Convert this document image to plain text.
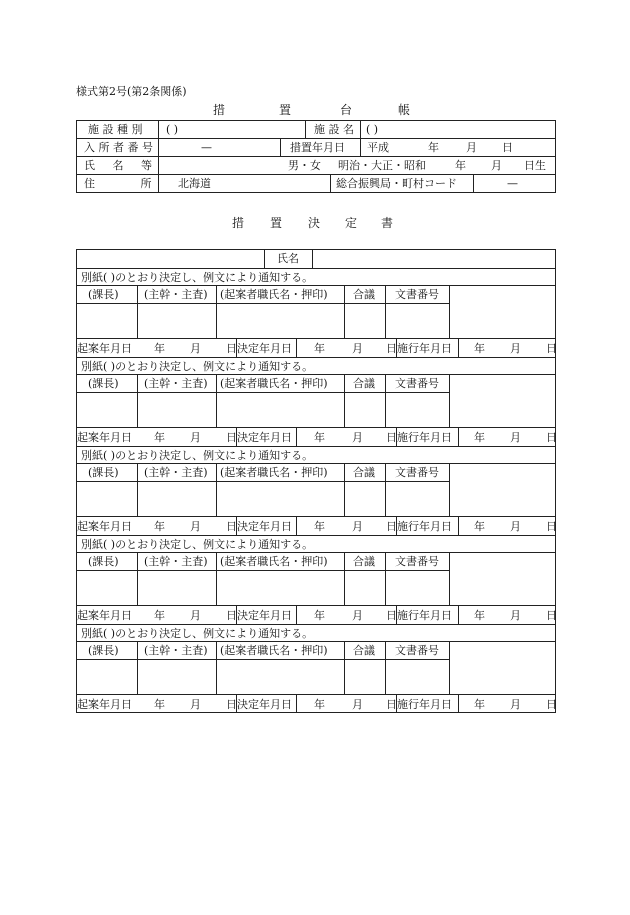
様式第2号(第2条関係)
措	置	台	帳
施 設 種 別 ( )	施 設 名 ( )
入 所 者 番 号	—	措置年月日 平成	年 月 日
氏 名 等	男・女 明治・大正・昭和	年 月 日生
住 所 北海道	総合振興局・町村コード	—
措 置 決 定 書
氏名
別紙( )のとおり決定し、例文により通知する。
(課長) (主幹・主査) (起案者職氏名・押印) 合議 文書番号
起案年月日 年 月 日 決定年月日 年 月 日 施行年月日 年 月 日
別紙( )のとおり決定し、例文により通知する。
(課長) (主幹・主査) (起案者職氏名・押印) 合議 文書番号
起案年月日 年 月 日 決定年月日 年 月 日 施行年月日 年 月 日
別紙( )のとおり決定し、例文により通知する。
(課長) (主幹・主査) (起案者職氏名・押印) 合議 文書番号
起案年月日 年 月 日 決定年月日 年 月 日 施行年月日 年 月 日
別紙( )のとおり決定し、例文により通知する。
(課長) (主幹・主査) (起案者職氏名・押印) 合議 文書番号
起案年月日 年 月 日 決定年月日 年 月 日 施行年月日 年 月 日
別紙( )のとおり決定し、例文により通知する。
(課長) (主幹・主査) (起案者職氏名・押印) 合議 文書番号
起案年月日 年 月 日 決定年月日 年 月 日 施行年月日 年 月 日
